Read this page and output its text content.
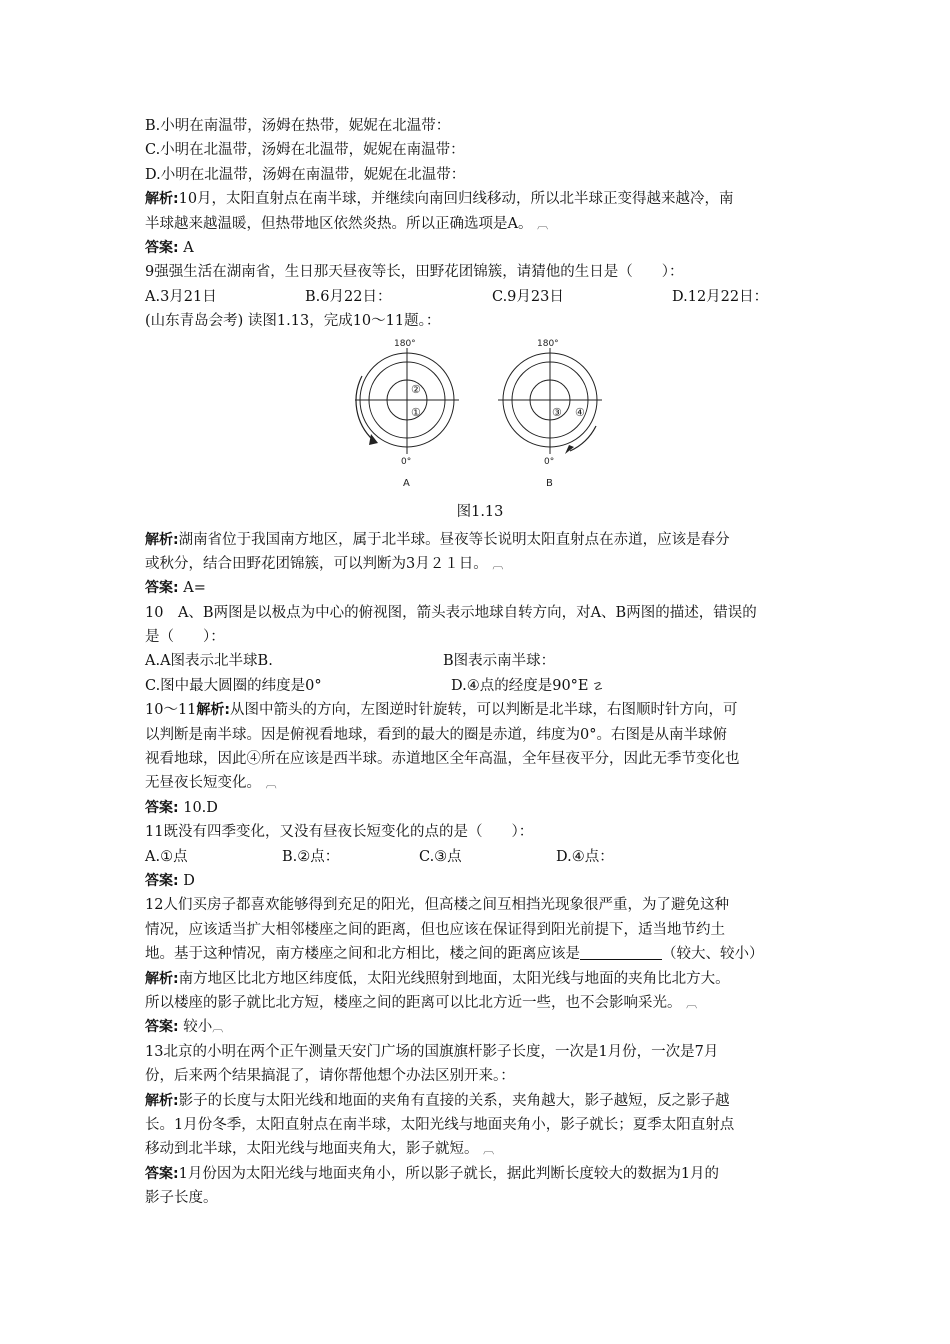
B.小明在南温带，汤姆在热带，妮妮在北温带：
C.小明在北温带，汤姆在北温带，妮妮在南温带：
D.小明在北温带，汤姆在南温带，妮妮在北温带：
解析:10月，太阳直射点在南半球，并继续向南回归线移动，所以北半球正变得越来越冷，南
半球越来越温暖，但热带地区依然炎热。所以正确选项是A。 ︹
答案: A
9强强生活在湖南省，生日那天昼夜等长，田野花团锦簇，请猜他的生日是（　　）：
A.3月21日	B.6月22日：	C.9月23日	D.12月22日：
(山东青岛会考) 读图1.13，完成10～11题。：
180°
0°
A
②
①
180°
0°
B
③ ④
图1.13
解析:湖南省位于我国南方地区，属于北半球。昼夜等长说明太阳直射点在赤道，应该是春分
或秋分，结合田野花团锦簇，可以判断为3月２１日。 ︹
答案: A=
10　A、B两图是以极点为中心的俯视图，箭头表示地球自转方向，对A、B两图的描述，错误的
是（　　）：
A.A图表示北半球B.	B图表示南半球：
C.图中最大圆圈的纬度是0°	D.④点的经度是90°E ☡
10～11解析:从图中箭头的方向，左图逆时针旋转，可以判断是北半球，右图顺时针方向，可
以判断是南半球。因是俯视看地球，看到的最大的圈是赤道，纬度为0°。右图是从南半球俯
视看地球，因此④所在应该是西半球。赤道地区全年高温，全年昼夜平分，因此无季节变化也
无昼夜长短变化。 ︹
答案: 10.D
11既没有四季变化，又没有昼夜长短变化的点的是（　　）：
A.①点	B.②点：	C.③点	D.④点：
答案: D
12人们买房子都喜欢能够得到充足的阳光，但高楼之间互相挡光现象很严重，为了避免这种
情况，应该适当扩大相邻楼座之间的距离，但也应该在保证得到阳光前提下，适当地节约土
地。基于这种情况，南方楼座之间和北方相比，楼之间的距离应该是	（较大、较小）
解析:南方地区比北方地区纬度低，太阳光线照射到地面，太阳光线与地面的夹角比北方大。
所以楼座的影子就比北方短，楼座之间的距离可以比北方近一些，也不会影响采光。 ︹
答案: 较小︹
13北京的小明在两个正午测量天安门广场的国旗旗杆影子长度，一次是1月份，一次是7月
份，后来两个结果搞混了，请你帮他想个办法区别开来。：
解析:影子的长度与太阳光线和地面的夹角有直接的关系，夹角越大，影子越短，反之影子越
长。1月份冬季，太阳直射点在南半球，太阳光线与地面夹角小，影子就长；夏季太阳直射点
移动到北半球，太阳光线与地面夹角大，影子就短。 ︹
答案:1月份因为太阳光线与地面夹角小，所以影子就长，据此判断长度较大的数据为1月的
影子长度。
